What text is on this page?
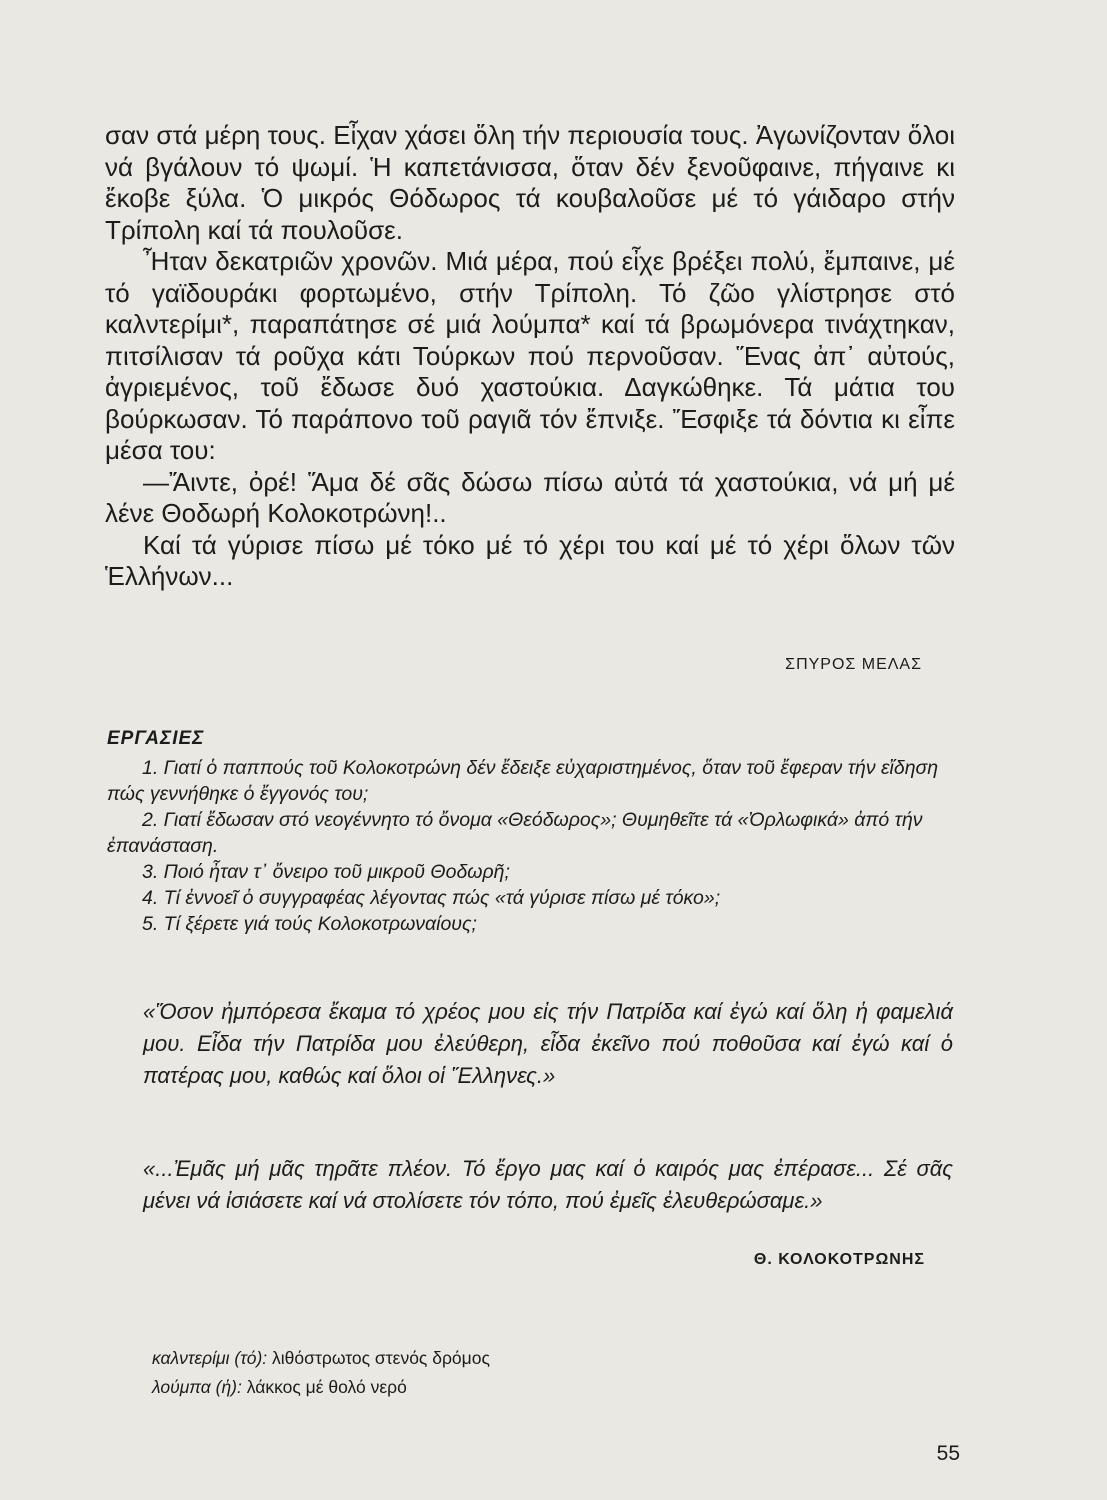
σαν στά μέρη τους. Εἶχαν χάσει ὅλη τήν περιουσία τους. Ἀγωνίζονταν ὅλοι νά βγάλουν τό ψωμί. Ἡ καπετάνισσα, ὅταν δέν ξενοῦφαινε, πήγαινε κι ἔκοβε ξύλα. Ὁ μικρός Θόδωρος τά κουβαλοῦσε μέ τό γάιδαρο στήν Τρίπολη καί τά πουλοῦσε.

Ἦταν δεκατριῶν χρονῶν. Μιά μέρα, πού εἶχε βρέξει πολύ, ἔμπαινε, μέ τό γαϊδουράκι φορτωμένο, στήν Τρίπολη. Τό ζῶο γλίστρησε στό καλντερίμι*, παραπάτησε σέ μιά λούμπα* καί τά βρωμόνερα τινάχτηκαν, πιτσίλισαν τά ροῦχα κάτι Τούρκων πού περνοῦσαν. Ἕνας ἀπ᾽ αὐτούς, ἀγριεμένος, τοῦ ἔδωσε δυό χαστούκια. Δαγκώθηκε. Τά μάτια του βούρκωσαν. Τό παράπονο τοῦ ραγιᾶ τόν ἔπνιξε. Ἔσφιξε τά δόντια κι εἶπε μέσα του:

—Ἄιντε, ὀρέ! Ἅμα δέ σᾶς δώσω πίσω αὐτά τά χαστούκια, νά μή μέ λένε Θοδωρή Κολοκοτρώνη!..

Καί τά γύρισε πίσω μέ τόκο μέ τό χέρι του καί μέ τό χέρι ὅλων τῶν Ἑλλήνων...

ΣΠΥΡΟΣ ΜΕΛΑΣ
ΕΡΓΑΣΙΕΣ

1. Γιατί ὁ παππούς τοῦ Κολοκοτρώνη δέν ἔδειξε εὐχαριστημένος, ὅταν τοῦ ἔφεραν τήν εἴδηση πώς γεννήθηκε ὁ ἔγγονός του;

2. Γιατί ἔδωσαν στό νεογέννητο τό ὄνομα «Θεόδωρος»; Θυμηθεῖτε τά «Ὀρλωφικά» ἀπό τήν ἐπανάσταση.

3. Ποιό ἦταν τ᾽ ὄνειρο τοῦ μικροῦ Θοδωρῆ;

4. Τί ἐννοεῖ ὁ συγγραφέας λέγοντας πώς «τά γύρισε πίσω μέ τόκο»;

5. Τί ξέρετε γιά τούς Κολοκοτρωναίους;

«Ὅσον ἠμπόρεσα ἔκαμα τό χρέος μου εἰς τήν Πατρίδα καί ἐγώ καί ὅλη ἡ φαμελιά μου. Εἶδα τήν Πατρίδα μου ἐλεύθερη, εἶδα ἐκεῖνο πού ποθοῦσα καί ἐγώ καί ὁ πατέρας μου, καθώς καί ὅλοι οἱ Ἕλληνες.»

«...Ἐμᾶς μή μᾶς τηρᾶτε πλέον. Τό ἔργο μας καί ὁ καιρός μας ἐπέρασε... Σέ σᾶς μένει νά ἰσιάσετε καί νά στολίσετε τόν τόπο, πού ἐμεῖς ἐλευθερώσαμε.»

Θ. ΚΟΛΟΚΟΤΡΩΝΗΣ
καλντερίμι (τό): λιθόστρωτος στενός δρόμος
λούμπα (ἡ): λάκκος μέ θολό νερό
55
